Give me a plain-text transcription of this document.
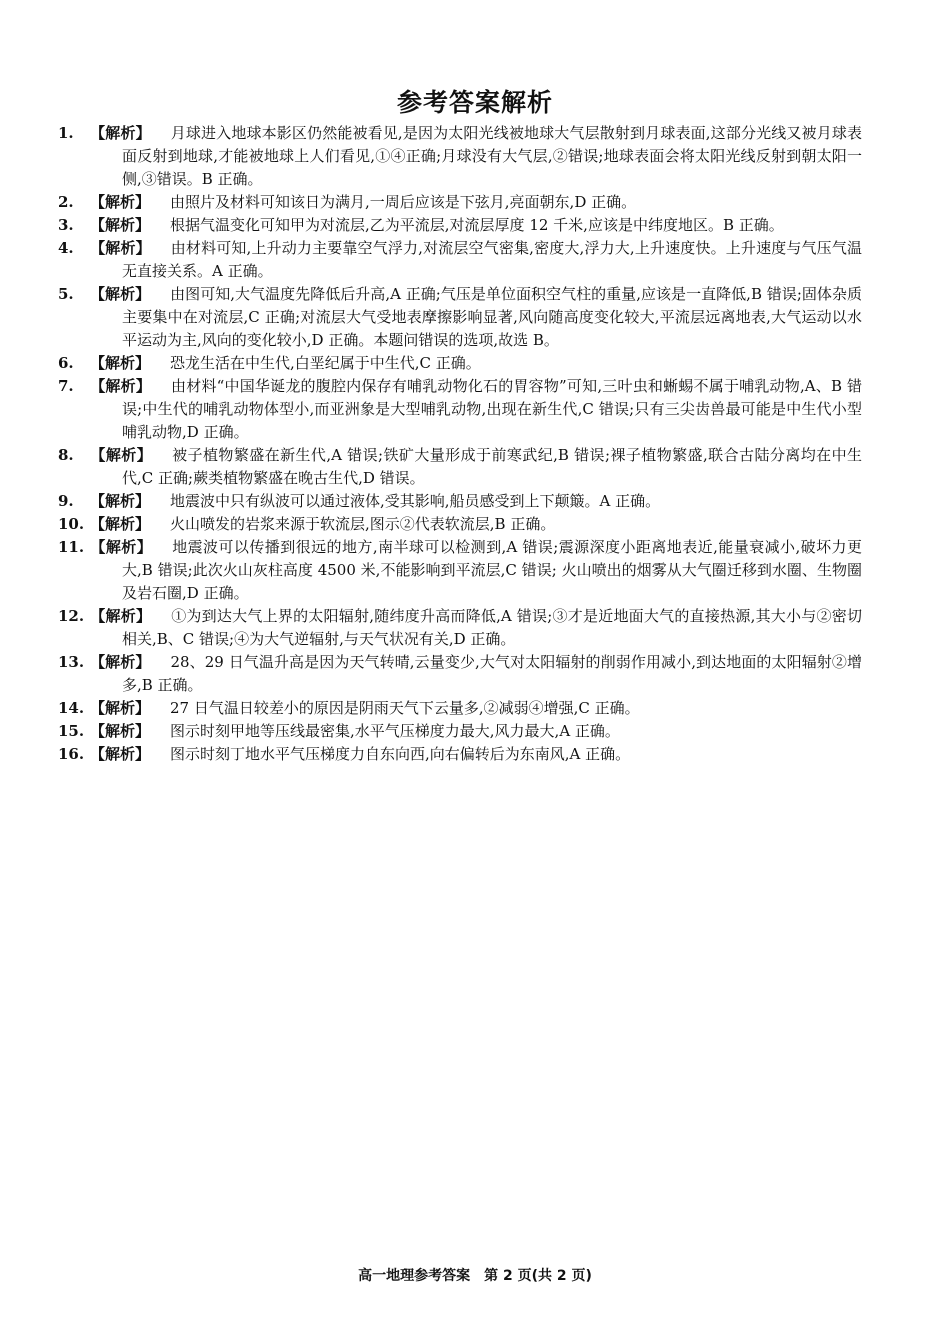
参考答案解析
1. 【解析】 月球进入地球本影区仍然能被看见,是因为太阳光线被地球大气层散射到月球表面,这部分光线又被月球表面反射到地球,才能被地球上人们看见,①④正确;月球没有大气层,②错误;地球表面会将太阳光线反射到朝太阳一侧,③错误。B 正确。
2. 【解析】 由照片及材料可知该日为满月,一周后应该是下弦月,亮面朝东,D 正确。
3. 【解析】 根据气温变化可知甲为对流层,乙为平流层,对流层厚度 12 千米,应该是中纬度地区。B 正确。
4. 【解析】 由材料可知,上升动力主要靠空气浮力,对流层空气密集,密度大,浮力大,上升速度快。上升速度与气压气温无直接关系。A 正确。
5. 【解析】 由图可知,大气温度先降低后升高,A 正确;气压是单位面积空气柱的重量,应该是一直降低,B 错误;固体杂质主要集中在对流层,C 正确;对流层大气受地表摩擦影响显著,风向随高度变化较大,平流层远离地表,大气运动以水平运动为主,风向的变化较小,D 正确。本题问错误的选项,故选 B。
6. 【解析】 恐龙生活在中生代,白垩纪属于中生代,C 正确。
7. 【解析】 由材料“中国华诞龙的腹腔内保存有哺乳动物化石的胃容物”可知,三叶虫和蜥蜴不属于哺乳动物,A、B 错误;中生代的哺乳动物体型小,而亚洲象是大型哺乳动物,出现在新生代,C 错误;只有三尖齿兽最可能是中生代小型哺乳动物,D 正确。
8. 【解析】 被子植物繁盛在新生代,A 错误;铁矿大量形成于前寒武纪,B 错误;裸子植物繁盛,联合古陆分离均在中生代,C 正确;蕨类植物繁盛在晚古生代,D 错误。
9. 【解析】 地震波中只有纵波可以通过液体,受其影响,船员感受到上下颠簸。A 正确。
10. 【解析】 火山喷发的岩浆来源于软流层,图示②代表软流层,B 正确。
11. 【解析】 地震波可以传播到很远的地方,南半球可以检测到,A 错误;震源深度小距离地表近,能量衰减小,破坏力更大,B 错误;此次火山灰柱高度 4500 米,不能影响到平流层,C 错误; 火山喷出的烟雾从大气圈迁移到水圈、生物圈及岩石圈,D 正确。
12. 【解析】 ①为到达大气上界的太阳辐射,随纬度升高而降低,A 错误;③才是近地面大气的直接热源,其大小与②密切相关,B、C 错误;④为大气逆辐射,与天气状况有关,D 正确。
13. 【解析】 28、29 日气温升高是因为天气转晴,云量变少,大气对太阳辐射的削弱作用减小,到达地面的太阳辐射②增多,B 正确。
14. 【解析】 27 日气温日较差小的原因是阴雨天气下云量多,②减弱④增强,C 正确。
15. 【解析】 图示时刻甲地等压线最密集,水平气压梯度力最大,风力最大,A 正确。
16. 【解析】 图示时刻丁地水平气压梯度力自东向西,向右偏转后为东南风,A 正确。
高一地理参考答案　第 2 页(共 2 页)
